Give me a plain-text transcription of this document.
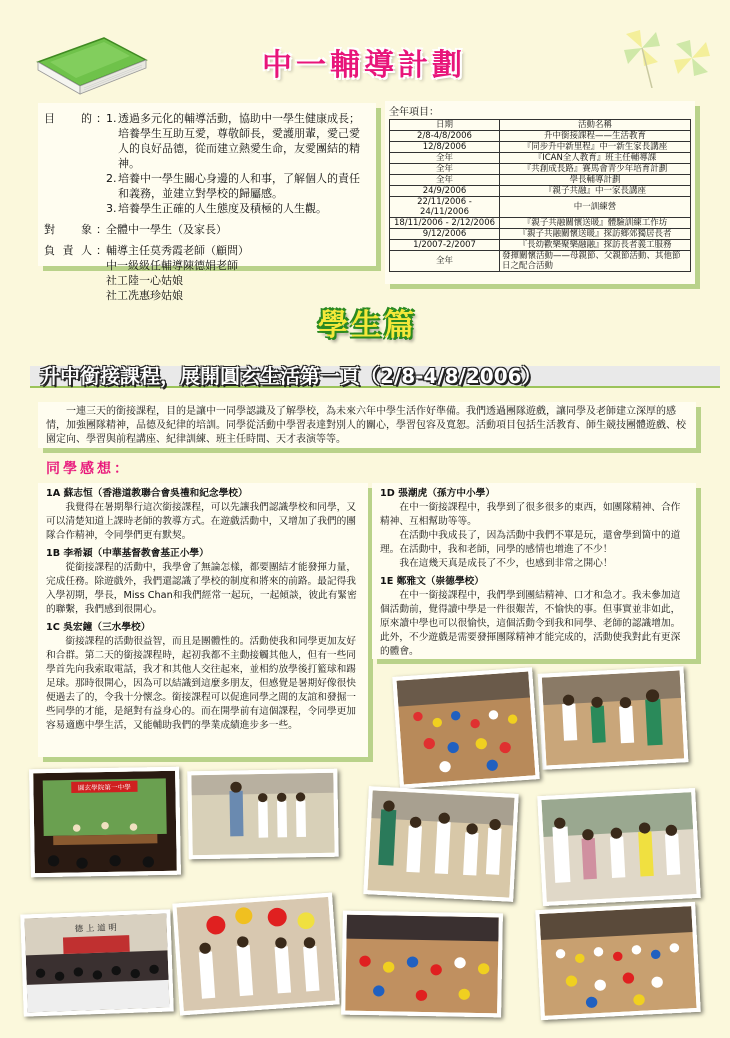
中一輔導計劃
目的 ： 1. 透過多元化的輔導活動，協助中一學生健康成長；培養學生互助互愛，尊敬師長，愛護朋輩，愛己愛人的良好品德，從而建立熱愛生命，友愛團結的精神。
2. 培養中一學生關心身邊的人和事，了解個人的責任和義務，並建立對學校的歸屬感。
3. 培養學生正確的人生態度及積極的人生觀。
對象 ： 全體中一學生（及家長）
負責人 ： 輔導主任莫秀霞老師（顧問）
中一級級任輔導陳德娟老師
社工陸一心姑娘
社工冼惠珍姑娘
全年項目：
日期	活動名稱
2/8-4/8/2006	升中銜接課程——生活教育
12/8/2006	『同步升中新里程』中一新生家長講座
全年	『ICAN全人教育』班主任輔導課
全年	『共創成長路』賽馬會青少年培育計劃
全年	學長輔導計劃
24/9/2006	『親子共融』中一家長講座
22/11/2006 - 24/11/2006	中一訓練營
18/11/2006 - 2/12/2006	『親子共融關懷送暖』體驗訓練工作坊
9/12/2006	『親子共融關懷送暖』探訪鄉郊獨居長者
1/2007-2/2007	『長幼歡樂聚樂融融』探訪長者義工服務
全年	發揮關懷活動——母親節、父親節活動、其他節日之配合活動
學生篇
升中銜接課程，展開圓玄生活第一頁（2/8-4/8/2006）
一連三天的銜接課程，目的是讓中一同學認識及了解學校，為未來六年中學生活作好準備。我們透過團隊遊戲，讓同學及老師建立深厚的感情，加強團隊精神，品德及紀律的培訓。同學從活動中學習表達對別人的關心，學習包容及寬恕。活動項目包括生活教育、師生競技團體遊戲、校園定向、學習與前程講座、紀律訓練、班主任時間、天才表演等等。
同學感想：
1A 蘇志恒（香港道教聯合會吳禮和紀念學校）
我覺得在暑期舉行這次銜接課程，可以先讓我們認識學校和同學，又可以清楚知道上課時老師的教導方式。在遊戲活動中，又增加了我們的團隊合作精神，令同學們更有默契。
1B 李希穎（中華基督教會基正小學）
從銜接課程的活動中，我學會了無論怎樣，都要團結才能發揮力量，完成任務。除遊戲外，我們還認識了學校的制度和將來的前路。最記得我入學初期，學長，Miss Chan和我們經常一起玩，一起傾談，彼此有緊密的聯繫，我們感到很開心。
1C 吳宏鐘（三水學校）
銜接課程的活動很益智，而且是團體性的。活動使我和同學更加友好和合群。第二天的銜接課程時，起初我都不主動接觸其他人，但有一些同學首先向我索取電話，我才和其他人交往起來，並相約放學後打籃球和踢足球。那時很開心，因為可以結識到這麼多朋友，但感覺是暑期好像很快便過去了的，令我十分懷念。銜接課程可以促進同學之間的友誼和發掘一些同學的才能，是絕對有益身心的。而在開學前有這個課程，令同學更加容易適應中學生活，又能輔助我們的學業成績進步多一些。
1D 張潮虎（孫方中小學）

在中一銜接課程中，我學到了很多很多的東西，如團隊精神、合作精神、互相幫助等等。

在活動中我成長了，因為活動中我們不單是玩，還會學到箇中的道理。在活動中，我和老師，同學的感情也增進了不少！

我在這幾天真是成長了不少，也感到非常之開心！

1E 鄭雅文（崇德學校）

在中一銜接課程中，我們學到團結精神、口才和急才。我未參加這個活動前，覺得讀中學是一件很艱苦，不愉快的事。但事實並非如此，原來讀中學也可以很愉快，這個活動令到我和同學、老師的認識增加。此外，不少遊戲是需要發揮團隊精神才能完成的，活動使我對此有更深的體會。

圓玄學院第一中學
德 上 道 明
